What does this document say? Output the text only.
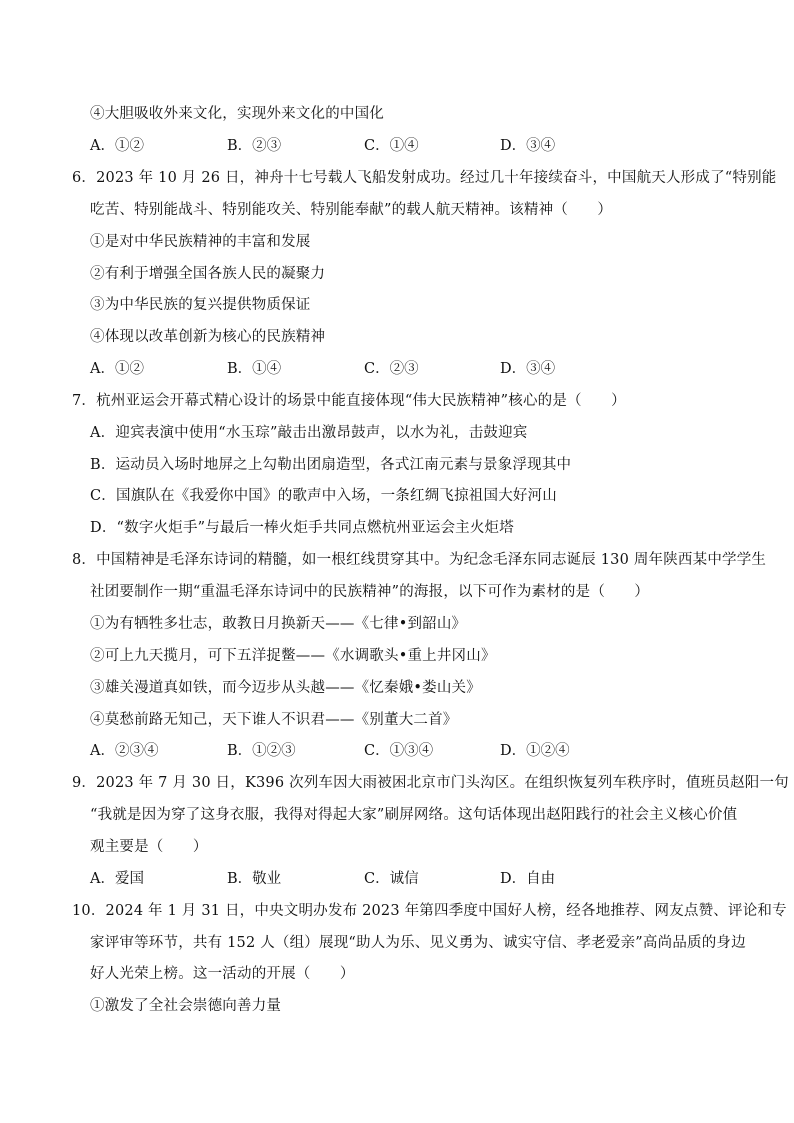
④大胆吸收外来文化，实现外来文化的中国化
A．①②	B．②③	C．①④	D．③④
6．2023 年 10 月 26 日，神舟十七号载人飞船发射成功。经过几十年接续奋斗，中国航天人形成了“特别能
吃苦、特别能战斗、特别能攻关、特别能奉献”的载人航天精神。该精神（　　）
①是对中华民族精神的丰富和发展
②有利于增强全国各族人民的凝聚力
③为中华民族的复兴提供物质保证
④体现以改革创新为核心的民族精神
A．①②	B．①④	C．②③	D．③④
7．杭州亚运会开幕式精心设计的场景中能直接体现“伟大民族精神”核心的是（　　）
A．迎宾表演中使用“水玉琮”敲击出激昂鼓声，以水为礼，击鼓迎宾
B．运动员入场时地屏之上勾勒出团扇造型，各式江南元素与景象浮现其中
C．国旗队在《我爱你中国》的歌声中入场，一条红绸飞掠祖国大好河山
D．“数字火炬手”与最后一棒火炬手共同点燃杭州亚运会主火炬塔
8．中国精神是毛泽东诗词的精髓，如一根红线贯穿其中。为纪念毛泽东同志诞辰 130 周年陕西某中学学生
社团要制作一期“重温毛泽东诗词中的民族精神”的海报，以下可作为素材的是（　　）
①为有牺牲多壮志，敢教日月换新天——《七律•到韶山》
②可上九天揽月，可下五洋捉鳖——《水调歌头•重上井冈山》
③雄关漫道真如铁，而今迈步从头越——《忆秦娥•娄山关》
④莫愁前路无知己，天下谁人不识君——《别董大二首》
A．②③④	B．①②③	C．①③④	D．①②④
9．2023 年 7 月 30 日，K396 次列车因大雨被困北京市门头沟区。在组织恢复列车秩序时，值班员赵阳一句
“我就是因为穿了这身衣服，我得对得起大家”刷屏网络。这句话体现出赵阳践行的社会主义核心价值
观主要是（　　）
A．爱国	B．敬业	C．诚信	D．自由
10．2024 年 1 月 31 日，中央文明办发布 2023 年第四季度中国好人榜，经各地推荐、网友点赞、评论和专
家评审等环节，共有 152 人（组）展现“助人为乐、见义勇为、诚实守信、孝老爱亲”高尚品质的身边
好人光荣上榜。这一活动的开展（　　）
①激发了全社会崇德向善力量
